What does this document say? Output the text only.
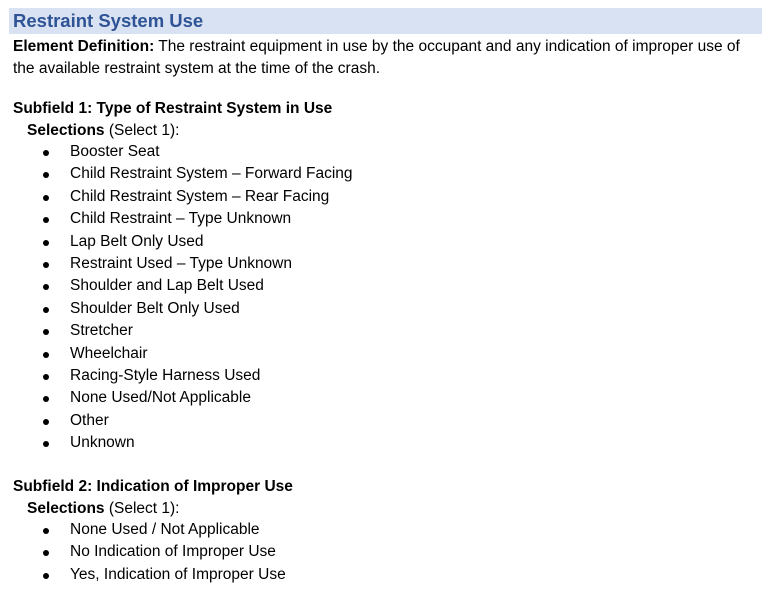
Restraint System Use
Element Definition: The restraint equipment in use by the occupant and any indication of improper use of the available restraint system at the time of the crash.
Subfield 1: Type of Restraint System in Use
Selections (Select 1):
Booster Seat
Child Restraint System – Forward Facing
Child Restraint System – Rear Facing
Child Restraint – Type Unknown
Lap Belt Only Used
Restraint Used – Type Unknown
Shoulder and Lap Belt Used
Shoulder Belt Only Used
Stretcher
Wheelchair
Racing-Style Harness Used
None Used/Not Applicable
Other
Unknown
Subfield 2: Indication of Improper Use
Selections (Select 1):
None Used / Not Applicable
No Indication of Improper Use
Yes, Indication of Improper Use
